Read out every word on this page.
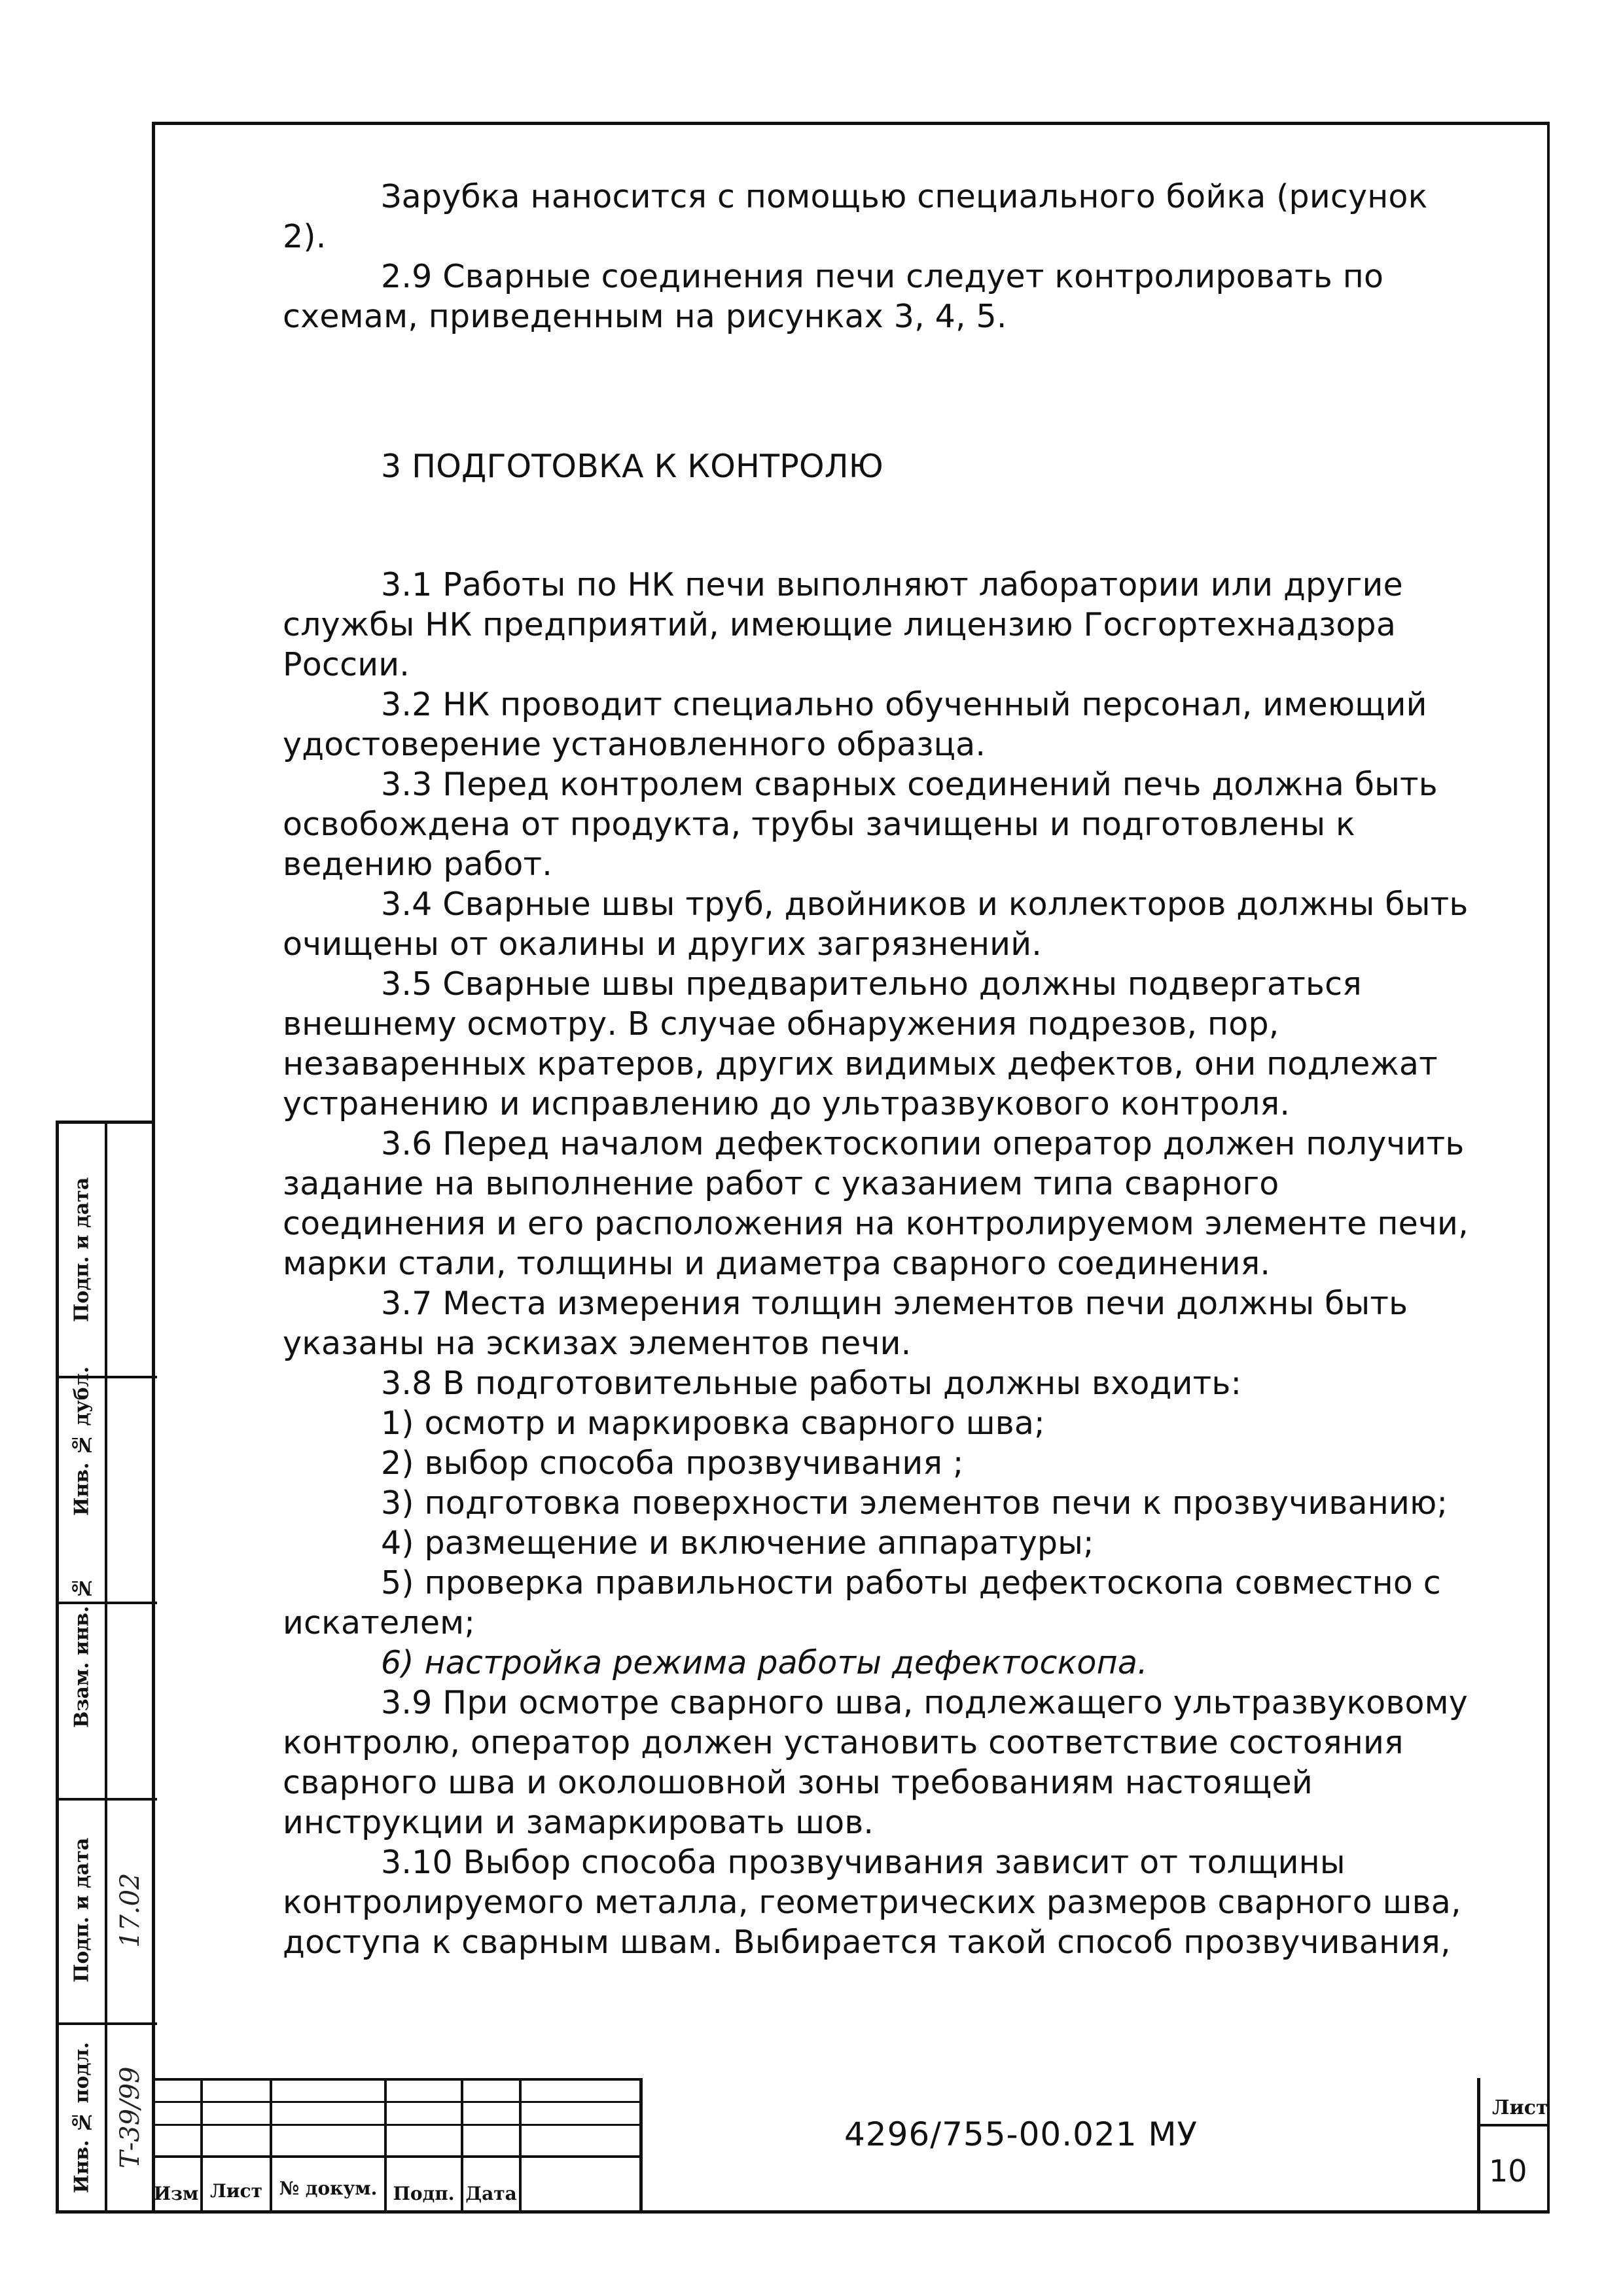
Зарубка наносится с помощью специального бойка (рисунок 2).

2.9 Сварные соединения печи следует контролировать по схемам, приведенным на рисунках 3, 4, 5.

3 ПОДГОТОВКА К КОНТРОЛЮ

3.1 Работы по НК печи выполняют лаборатории или другие службы НК предприятий, имеющие лицензию Госгортехнадзора России.

3.2 НК проводит специально обученный персонал, имеющий удостоверение установленного образца.

3.3 Перед контролем сварных соединений печь должна быть освобождена от продукта, трубы зачищены и подготовлены к ведению работ.

3.4 Сварные швы труб, двойников и коллекторов должны быть очищены от окалины и других загрязнений.

3.5 Сварные швы предварительно должны подвергаться внешнему осмотру. В случае обнаружения подрезов, пор, незаваренных кратеров, других видимых дефектов, они подлежат устранению и исправлению до ультразвукового контроля.

3.6 Перед началом дефектоскопии оператор должен получить задание на выполнение работ с указанием типа сварного соединения и его расположения на контролируемом элементе печи, марки стали, толщины и диаметра сварного соединения.

3.7 Места измерения толщин элементов печи должны быть указаны на эскизах элементов печи.

3.8 В подготовительные работы должны входить:

1) осмотр и маркировка сварного шва;

2) выбор способа прозвучивания ;

3) подготовка поверхности элементов печи к прозвучиванию;

4) размещение и включение аппаратуры;

5) проверка правильности работы дефектоскопа совместно с искателем;

6) настройка режима работы дефектоскопа.

3.9 При осмотре сварного шва, подлежащего ультразвуковому контролю, оператор должен установить соответствие состояния сварного шва и околошовной зоны требованиям настоящей инструкции и замаркировать шов.

3.10 Выбор способа прозвучивания зависит от толщины контролируемого металла, геометрических размеров сварного шва, доступа к сварным швам. Выбирается такой способ прозвучивания,

Подп. и дата
Инв. № дубл.
Взам. инв. №
Подп. и дата
Инв. № подл.
17.02
Т-39/99
Изм Лист № докум. Подп. Дата
4296/755-00.021 МУ
Лист
10
